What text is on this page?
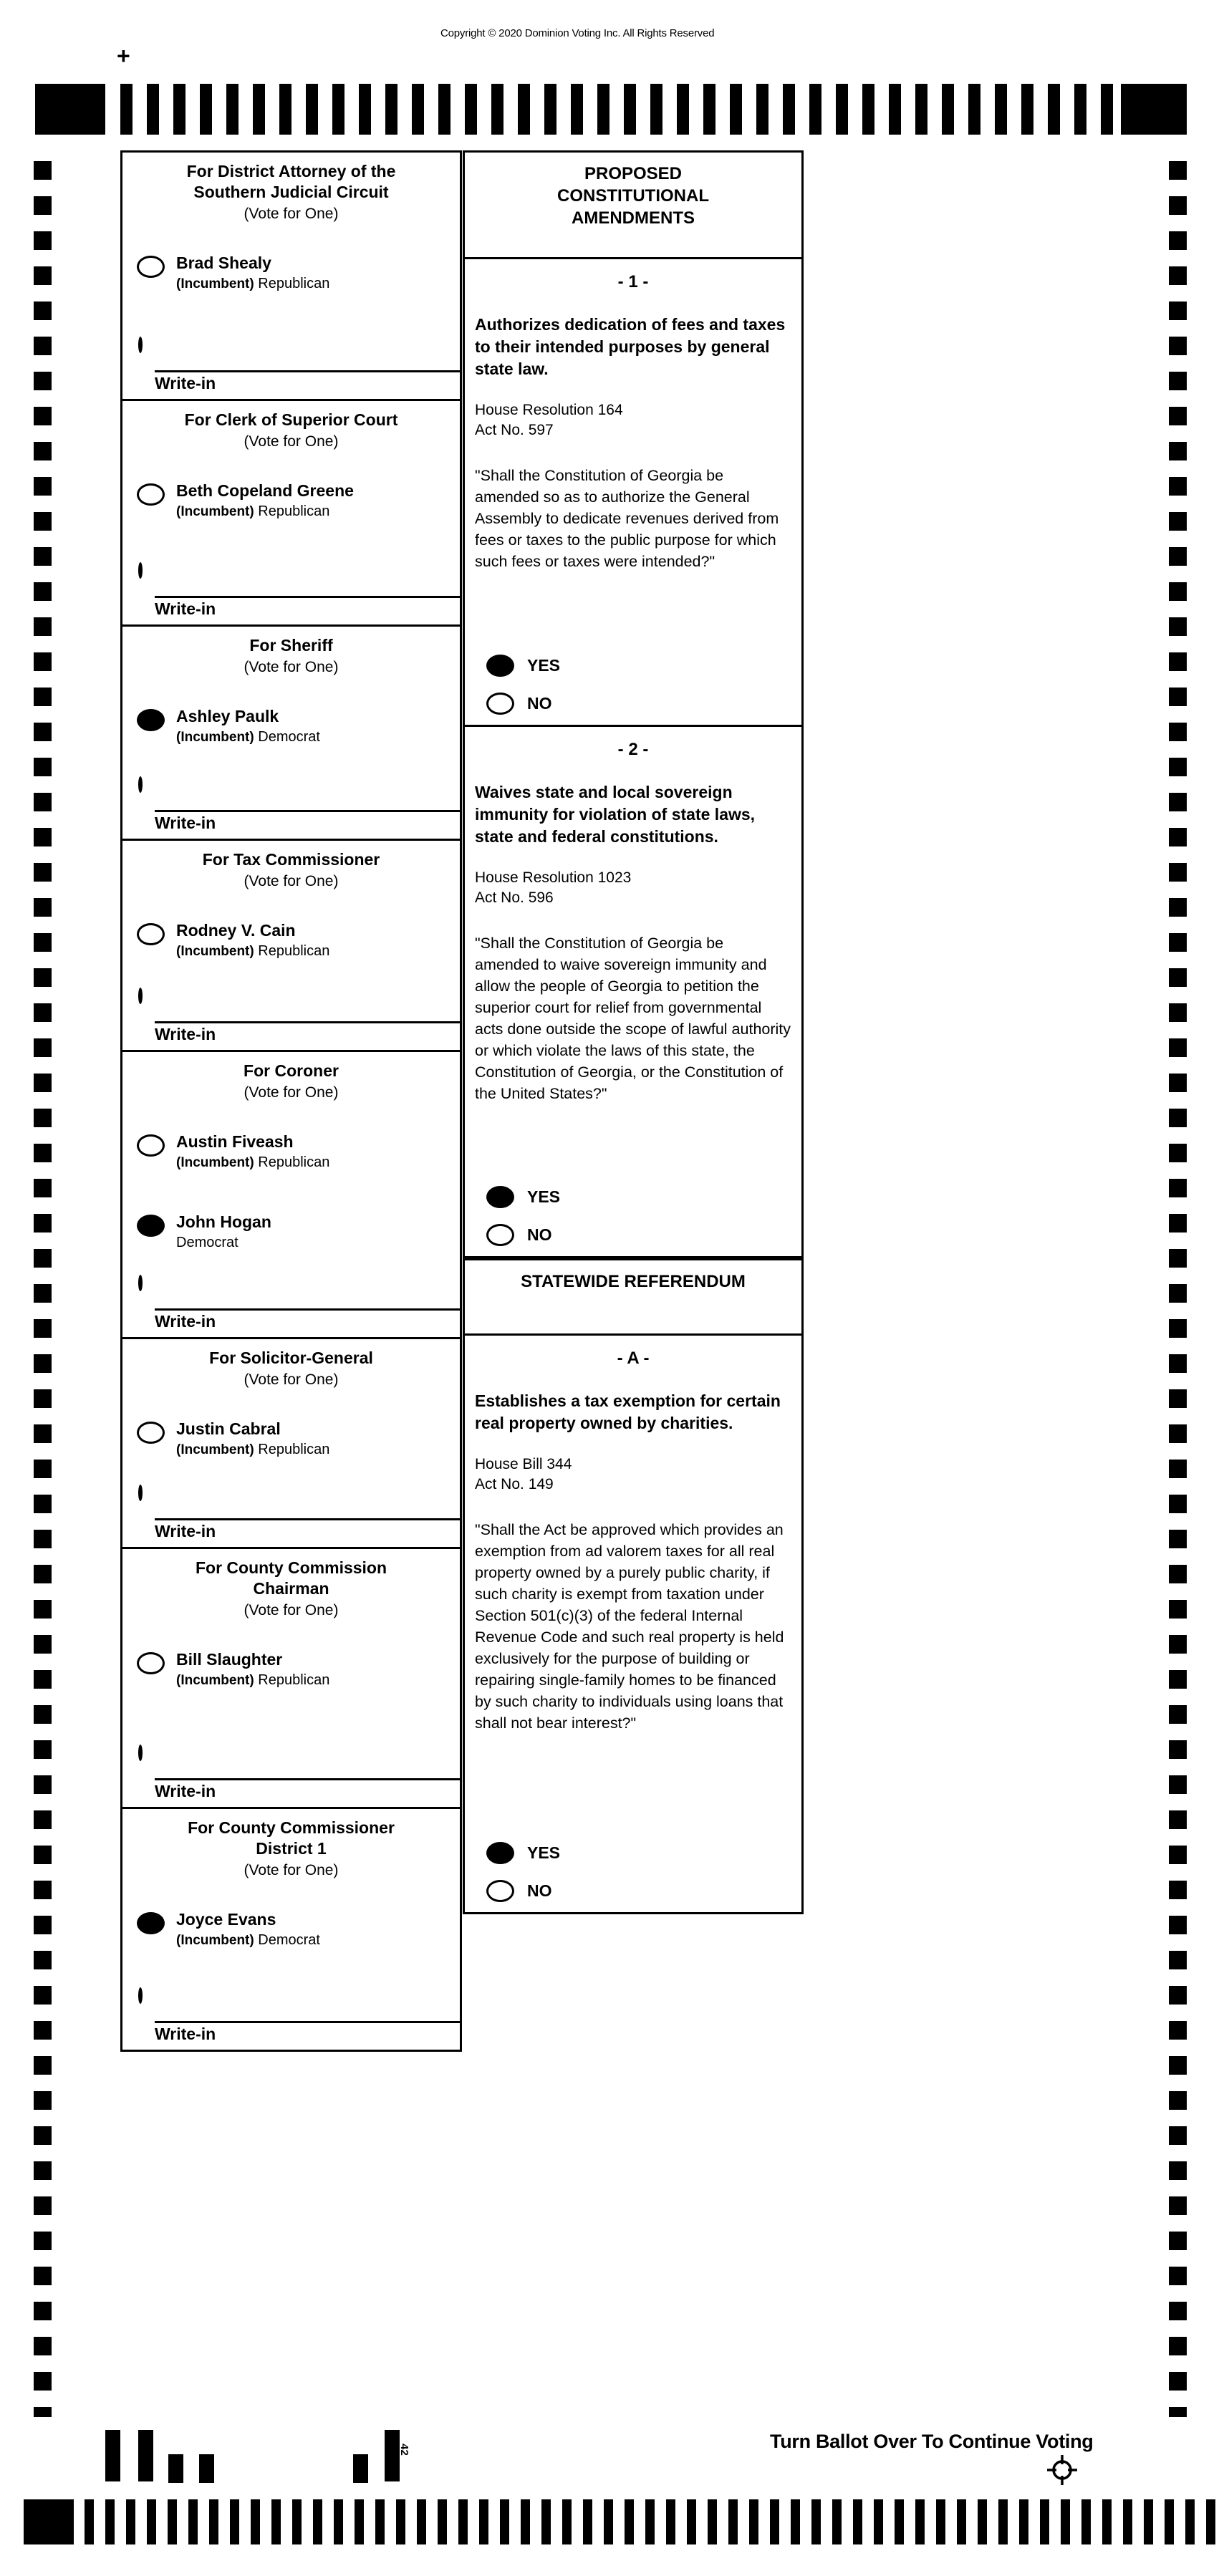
Copyright © 2020 Dominion Voting Inc. All Rights Reserved
+
For District Attorney of the Southern Judicial Circuit
(Vote for One)
Brad Shealy
(Incumbent) Republican
Write-in
For Clerk of Superior Court
(Vote for One)
Beth Copeland Greene
(Incumbent) Republican
Write-in
For Sheriff
(Vote for One)
Ashley Paulk
(Incumbent) Democrat
Write-in
For Tax Commissioner
(Vote for One)
Rodney V. Cain
(Incumbent) Republican
Write-in
For Coroner
(Vote for One)
Austin Fiveash
(Incumbent) Republican
John Hogan
Democrat
Write-in
For Solicitor-General
(Vote for One)
Justin Cabral
(Incumbent) Republican
Write-in
For County Commission Chairman
(Vote for One)
Bill Slaughter
(Incumbent) Republican
Write-in
For County Commissioner District 1
(Vote for One)
Joyce Evans
(Incumbent) Democrat
Write-in
PROPOSED CONSTITUTIONAL AMENDMENTS
- 1 -
Authorizes dedication of fees and taxes to their intended purposes by general state law.
House Resolution 164
Act No. 597
"Shall the Constitution of Georgia be amended so as to authorize the General Assembly to dedicate revenues derived from fees or taxes to the public purpose for which such fees or taxes were intended?"
YES
NO
- 2 -
Waives state and local sovereign immunity for violation of state laws, state and federal constitutions.
House Resolution 1023
Act No. 596
"Shall the Constitution of Georgia be amended to waive sovereign immunity and allow the people of Georgia to petition the superior court for relief from governmental acts done outside the scope of lawful authority or which violate the laws of this state, the Constitution of Georgia, or the Constitution of the United States?"
YES
NO
STATEWIDE REFERENDUM
- A -
Establishes a tax exemption for certain real property owned by charities.
House Bill 344
Act No. 149
"Shall the Act be approved which provides an exemption from ad valorem taxes for all real property owned by a purely public charity, if such charity is exempt from taxation under Section 501(c)(3) of the federal Internal Revenue Code and such real property is held exclusively for the purpose of building or repairing single-family homes to be financed by such charity to individuals using loans that shall not bear interest?"
YES
NO
42	Turn Ballot Over To Continue Voting
